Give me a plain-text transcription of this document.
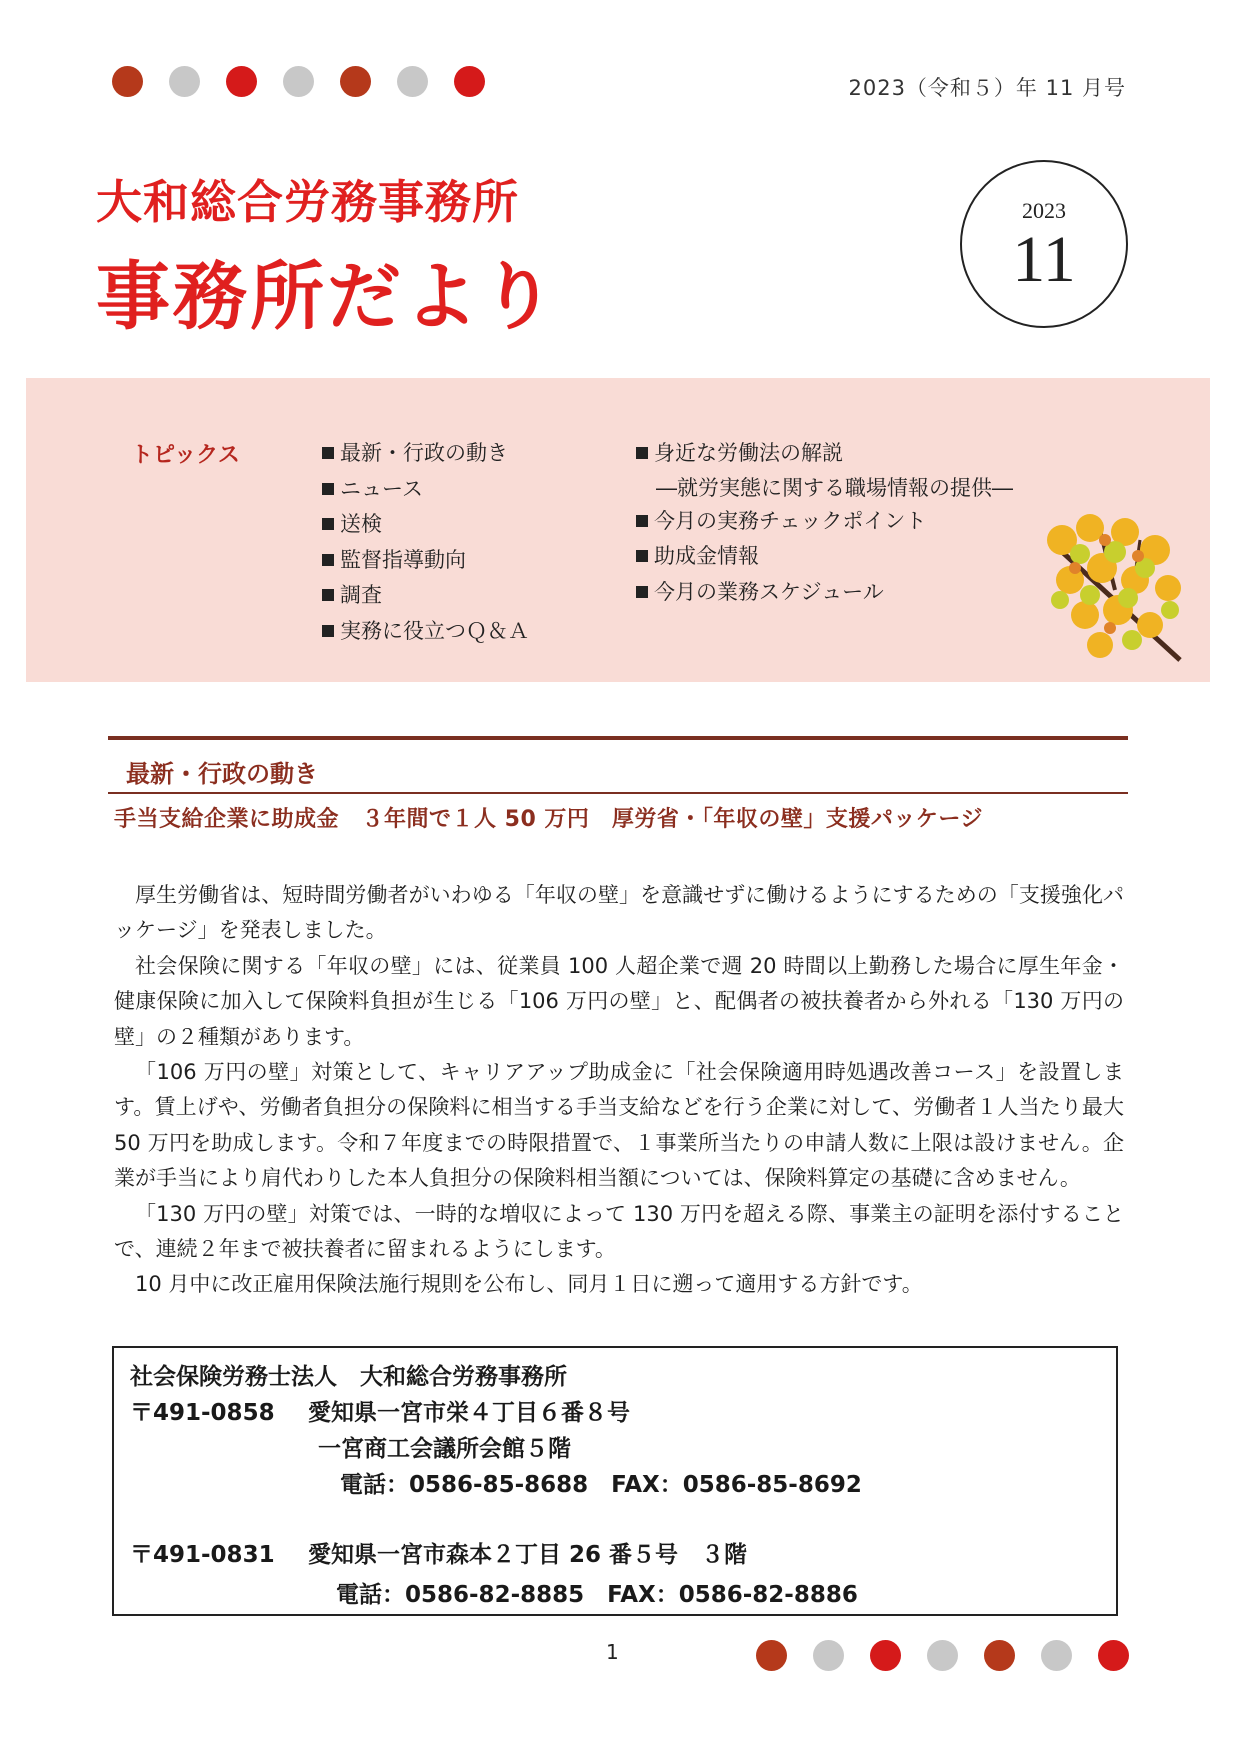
2023（令和５）年 11 月号
大和総合労務事務所
事務所だより
2023
11
トピックス	最新・行政の動き
ニュース
送検
監督指導動向
調査
実務に役立つＱ＆Ａ
身近な労働法の解説
―就労実態に関する職場情報の提供―
今月の実務チェックポイント
助成金情報
今月の業務スケジュール
最新・行政の動き
手当支給企業に助成金　３年間で１人 50 万円　厚労省・「年収の壁」支援パッケージ

厚生労働省は、短時間労働者がいわゆる「年収の壁」を意識せずに働けるようにするための「支援強化パッケージ」を発表しました。

社会保険に関する「年収の壁」には、従業員 100 人超企業で週 20 時間以上勤務した場合に厚生年金・健康保険に加入して保険料負担が生じる「106 万円の壁」と、配偶者の被扶養者から外れる「130 万円の壁」の２種類があります。

「106 万円の壁」対策として、キャリアアップ助成金に「社会保険適用時処遇改善コース」を設置します。賃上げや、労働者負担分の保険料に相当する手当支給などを行う企業に対して、労働者１人当たり最大 50 万円を助成します。令和７年度までの時限措置で、１事業所当たりの申請人数に上限は設けません。企業が手当により肩代わりした本人負担分の保険料相当額については、保険料算定の基礎に含めません。

「130 万円の壁」対策では、一時的な増収によって 130 万円を超える際、事業主の証明を添付することで、連続２年まで被扶養者に留まれるようにします。

10 月中に改正雇用保険法施行規則を公布し、同月１日に遡って適用する方針です。

社会保険労務士法人　大和総合労務事務所
〒491-0858 愛知県一宮市栄４丁目６番８号
一宮商工会議所会館５階
電話：0586-85-8688　FAX：0586-85-8692
〒491-0831 愛知県一宮市森本２丁目 26 番５号　３階
電話：0586-82-8885　FAX：0586-82-8886
1
